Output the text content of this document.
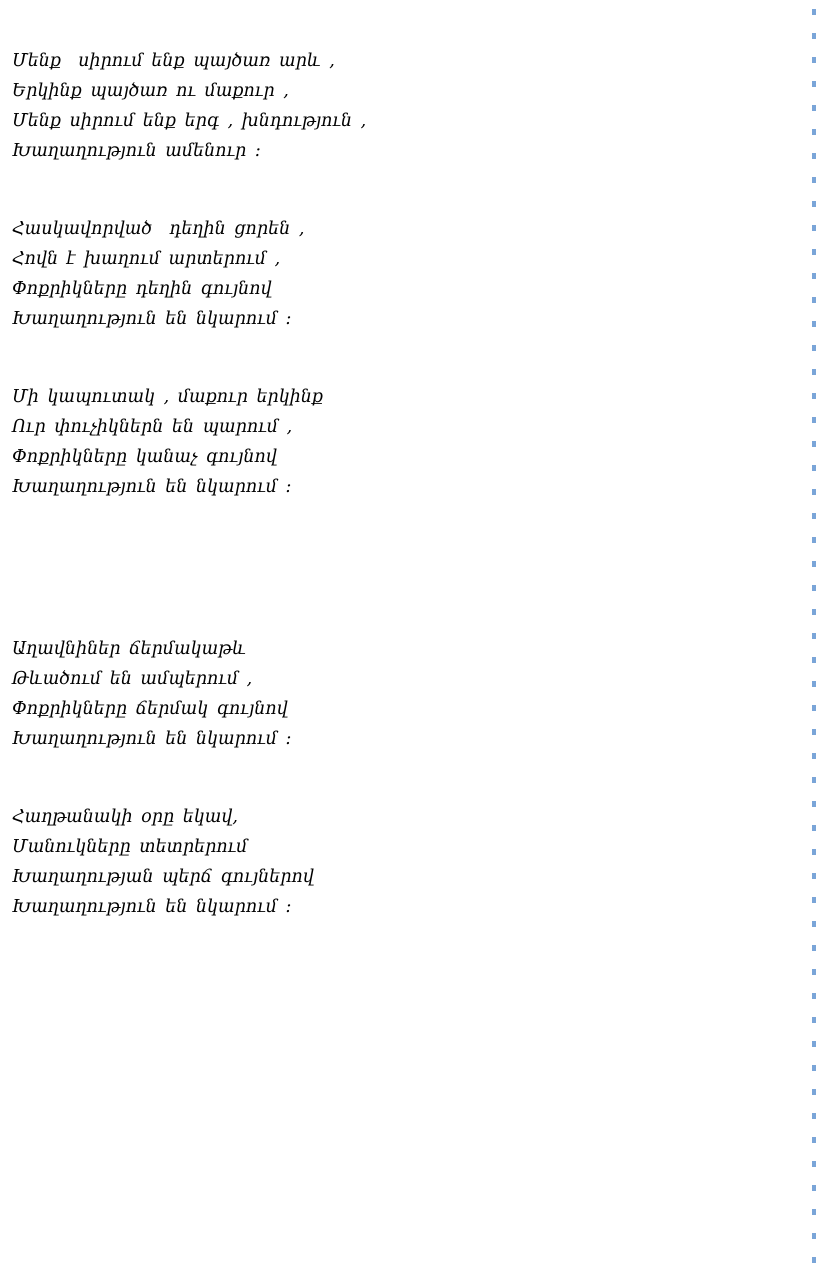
Մենք  սիրում ենք պայծառ արև ,
Երկինք պայծառ ու մաքուր ,
Մենք սիրում ենք երգ , խնդություն ,
Խաղաղություն ամենուր :
Հասկավորված  դեղին ցորեն ,
Հովն է խաղում արտերում ,
Փոքրիկները դեղին գույնով
Խաղաղություն են նկարում :
Մի կապուտակ , մաքուր երկինք
Ուր փուչիկներն են պարում ,
Փոքրիկները կանաչ գույնով
Խաղաղություն են նկարում :
Աղավնիներ ճերմակաթև
Թևածում են ամպերում ,
Փոքրիկները ճերմակ գույնով
Խաղաղություն են նկարում :
Հաղթանակի օրը եկավ,
Մանուկները տետրերում
Խաղաղության պերճ գույներով
Խաղաղություն են նկարում :
